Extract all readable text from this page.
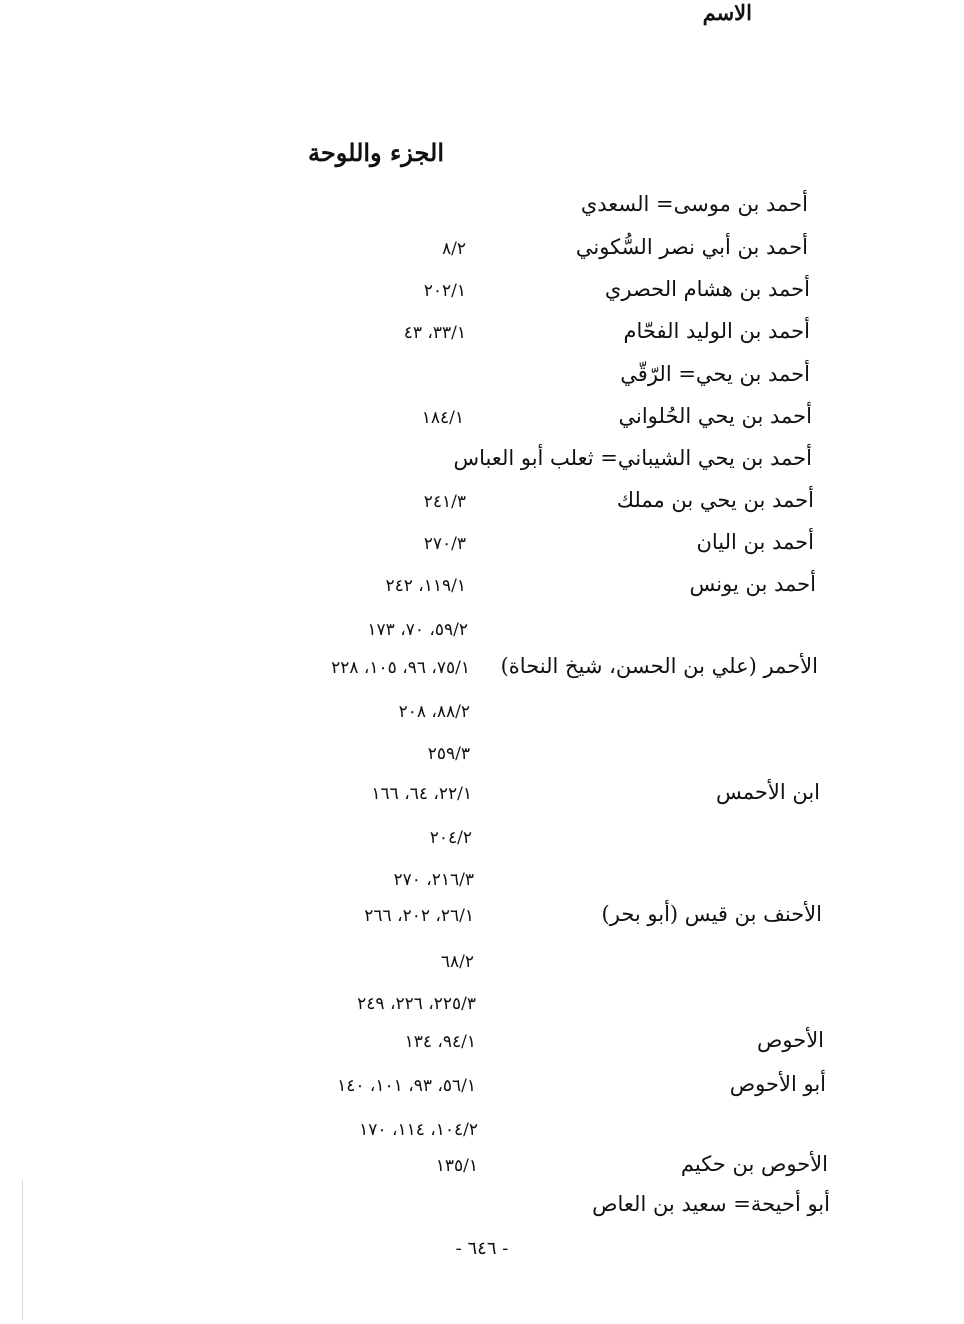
الاسم
الجزء واللوحة
أحمد بن موسى= السعدي
أحمد بن أبي نصر السُّكوني
٨/٢
أحمد بن هشام الحصري
٢٠٢/١
أحمد بن الوليد الفحّام
٣٣/١، ٤٣
أحمد بن يحي= الرّقّي
أحمد بن يحي الحُلواني
١٨٤/١
أحمد بن يحي الشيباني= ثعلب أبو العباس
أحمد بن يحي بن مملك
٢٤١/٣
أحمد بن اليان
٢٧٠/٣
أحمد بن يونس
١١٩/١، ٢٤٢
٥٩/٢، ٧٠، ١٧٣
الأحمر (علي بن الحسن، شيخ النحاة)
٧٥/١، ٩٦، ١٠٥، ٢٢٨
٨٨/٢، ٢٠٨
٢٥٩/٣
ابن الأحمس
٢٢/١، ٦٤، ١٦٦
٢٠٤/٢
٢١٦/٣، ٢٧٠
الأحنف بن قيس (أبو بحر)
٢٦/١، ٢٠٢، ٢٦٦
٦٨/٢
٢٢٥/٣، ٢٢٦، ٢٤٩
الأحوص
٩٤/١، ١٣٤
أبو الأحوص
٥٦/١، ٩٣، ١٠١، ١٤٠
١٠٤/٢، ١١٤، ١٧٠
الأحوص بن حكيم
١٣٥/١
أبو أحيحة= سعيد بن العاص
- ٦٤٦ -
